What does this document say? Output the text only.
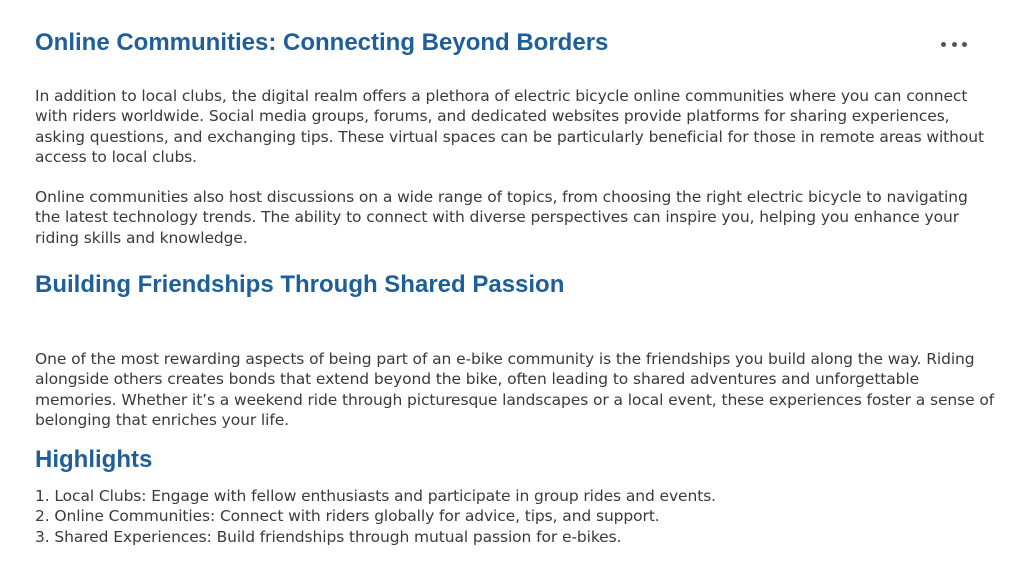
Online Communities: Connecting Beyond Borders

In addition to local clubs, the digital realm offers a plethora of electric bicycle online communities where you can connect with riders worldwide. Social media groups, forums, and dedicated websites provide platforms for sharing experiences, asking questions, and exchanging tips. These virtual spaces can be particularly beneficial for those in remote areas without access to local clubs.

Online communities also host discussions on a wide range of topics, from choosing the right electric bicycle to navigating the latest technology trends. The ability to connect with diverse perspectives can inspire you, helping you enhance your riding skills and knowledge.

Building Friendships Through Shared Passion

One of the most rewarding aspects of being part of an e-bike community is the friendships you build along the way. Riding alongside others creates bonds that extend beyond the bike, often leading to shared adventures and unforgettable memories. Whether it’s a weekend ride through picturesque landscapes or a local event, these experiences foster a sense of belonging that enriches your life.

Highlights
1. Local Clubs: Engage with fellow enthusiasts and participate in group rides and events.
2. Online Communities: Connect with riders globally for advice, tips, and support.
3. Shared Experiences: Build friendships through mutual passion for e-bikes.
